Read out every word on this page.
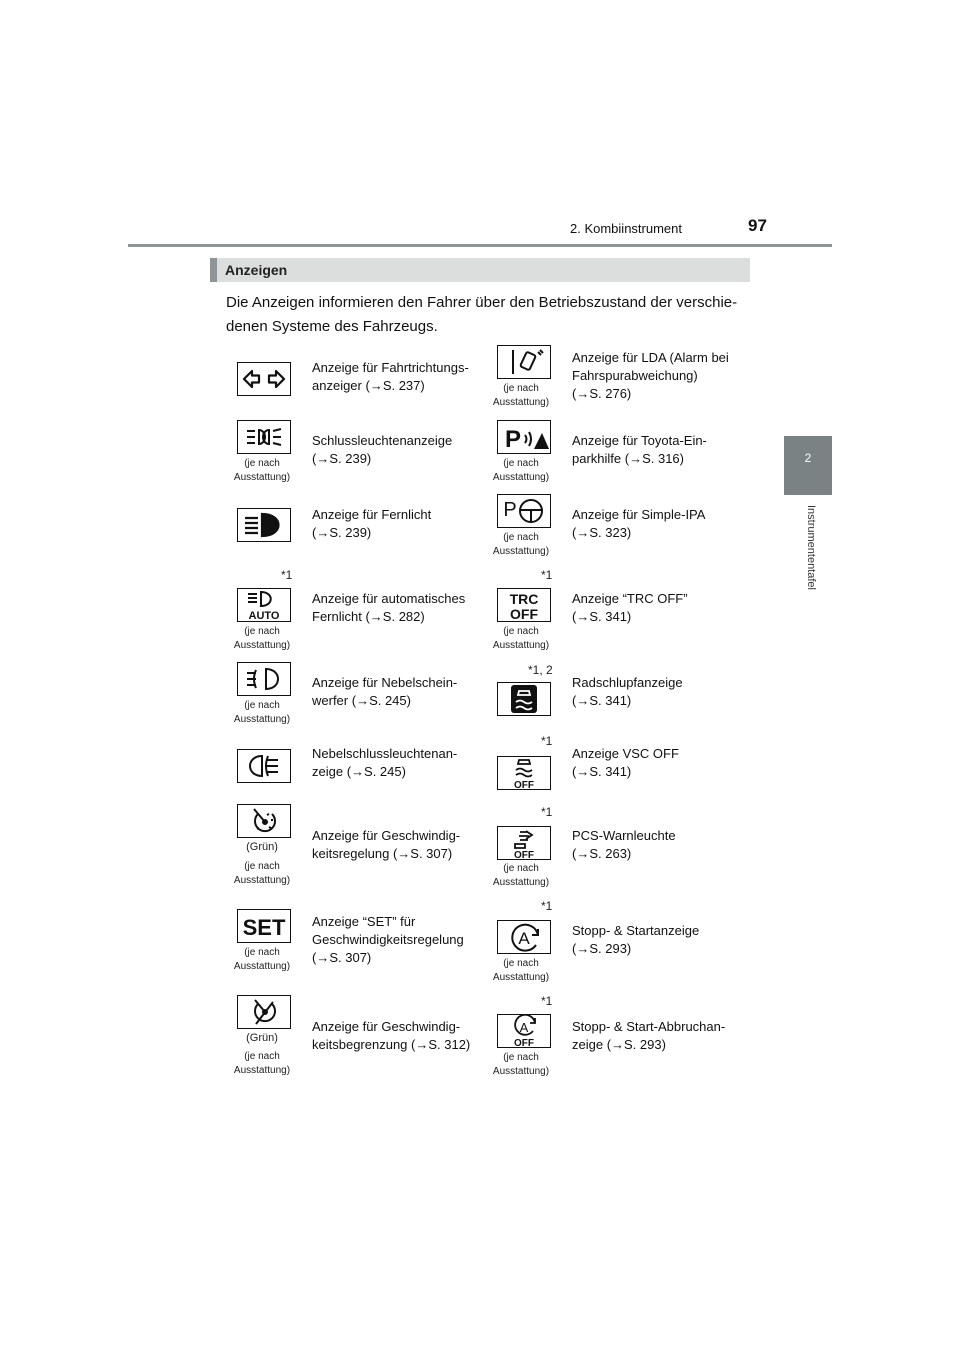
2. Kombiinstrument	97
2
Instrumententafel
Anzeigen
Die Anzeigen informieren den Fahrer über den Betriebszustand der verschie-denen Systeme des Fahrzeugs.
Anzeige für Fahrtrichtungs-
anzeiger (→S. 237)
(je nach
Ausstattung)
Schlussleuchtenanzeige
(→S. 239)
Anzeige für Fernlicht
(→S. 239)
*1
AUTO
(je nach
Ausstattung)
Anzeige für automatisches
Fernlicht (→S. 282)
(je nach
Ausstattung)
Anzeige für Nebelschein-
werfer (→S. 245)
Nebelschlussleuchtenan-
zeige (→S. 245)
(Grün)
(je nach
Ausstattung)
Anzeige für Geschwindig-
keitsregelung (→S. 307)
SET
(je nach
Ausstattung)
Anzeige “SET” für
Geschwindigkeitsregelung
(→S. 307)
(Grün)
(je nach
Ausstattung)
Anzeige für Geschwindig-
keitsbegrenzung (→S. 312)
(je nach
Ausstattung)
Anzeige für LDA (Alarm bei
Fahrspurabweichung)
(→S. 276)
P
(je nach
Ausstattung)
Anzeige für Toyota-Ein-
parkhilfe (→S. 316)
P
(je nach
Ausstattung)
Anzeige für Simple-IPA
(→S. 323)
*1
TRC
OFF
(je nach
Ausstattung)
Anzeige “TRC OFF”
(→S. 341)
*1, 2
Radschlupfanzeige
(→S. 341)
*1
OFF
Anzeige VSC OFF
(→S. 341)
*1
OFF
(je nach
Ausstattung)
PCS-Warnleuchte
(→S. 263)
*1
A
(je nach
Ausstattung)
Stopp- & Startanzeige
(→S. 293)
*1
A
OFF
(je nach
Ausstattung)
Stopp- & Start-Abbruchan-
zeige (→S. 293)
